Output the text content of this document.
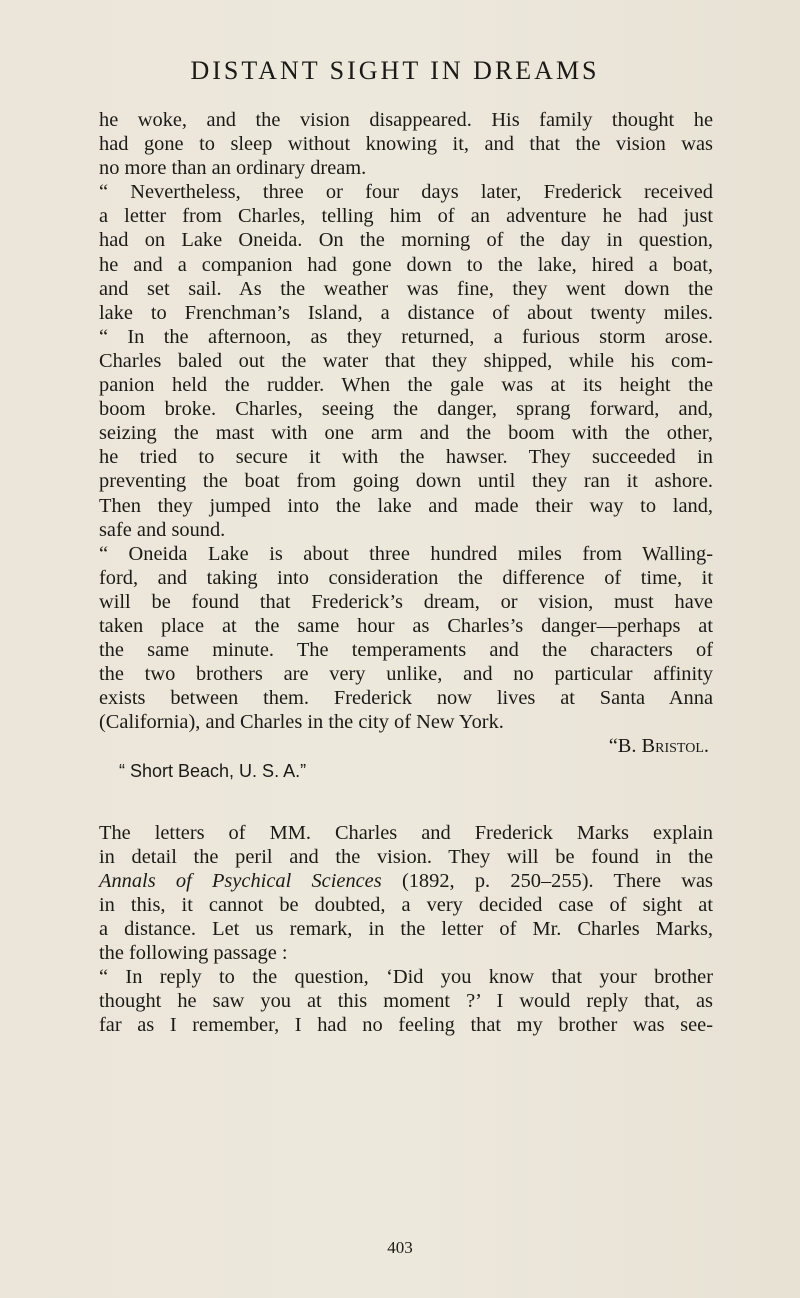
DISTANT SIGHT IN DREAMS
he woke, and the vision disappeared. His family thought he
had gone to sleep without knowing it, and that the vision was
no more than an ordinary dream.
“ Nevertheless, three or four days later, Frederick received
a letter from Charles, telling him of an adventure he had just
had on Lake Oneida. On the morning of the day in question,
he and a companion had gone down to the lake, hired a boat,
and set sail. As the weather was fine, they went down the
lake to Frenchman’s Island, a distance of about twenty miles.
“ In the afternoon, as they returned, a furious storm arose.
Charles baled out the water that they shipped, while his com-
panion held the rudder. When the gale was at its height the
boom broke. Charles, seeing the danger, sprang forward, and,
seizing the mast with one arm and the boom with the other,
he tried to secure it with the hawser. They succeeded in
preventing the boat from going down until they ran it ashore.
Then they jumped into the lake and made their way to land,
safe and sound.
“ Oneida Lake is about three hundred miles from Walling-
ford, and taking into consideration the difference of time, it
will be found that Frederick’s dream, or vision, must have
taken place at the same hour as Charles’s danger—perhaps at
the same minute. The temperaments and the characters of
the two brothers are very unlike, and no particular affinity
exists between them. Frederick now lives at Santa Anna
(California), and Charles in the city of New York.
“B. Bristol.
“ Short Beach, U. S. A.”
The letters of MM. Charles and Frederick Marks explain
in detail the peril and the vision. They will be found in the
Annals of Psychical Sciences (1892, p. 250–255). There was
in this, it cannot be doubted, a very decided case of sight at
a distance. Let us remark, in the letter of Mr. Charles Marks,
the following passage :
“ In reply to the question, ‘Did you know that your brother
thought he saw you at this moment ?’ I would reply that, as
far as I remember, I had no feeling that my brother was see-
403
